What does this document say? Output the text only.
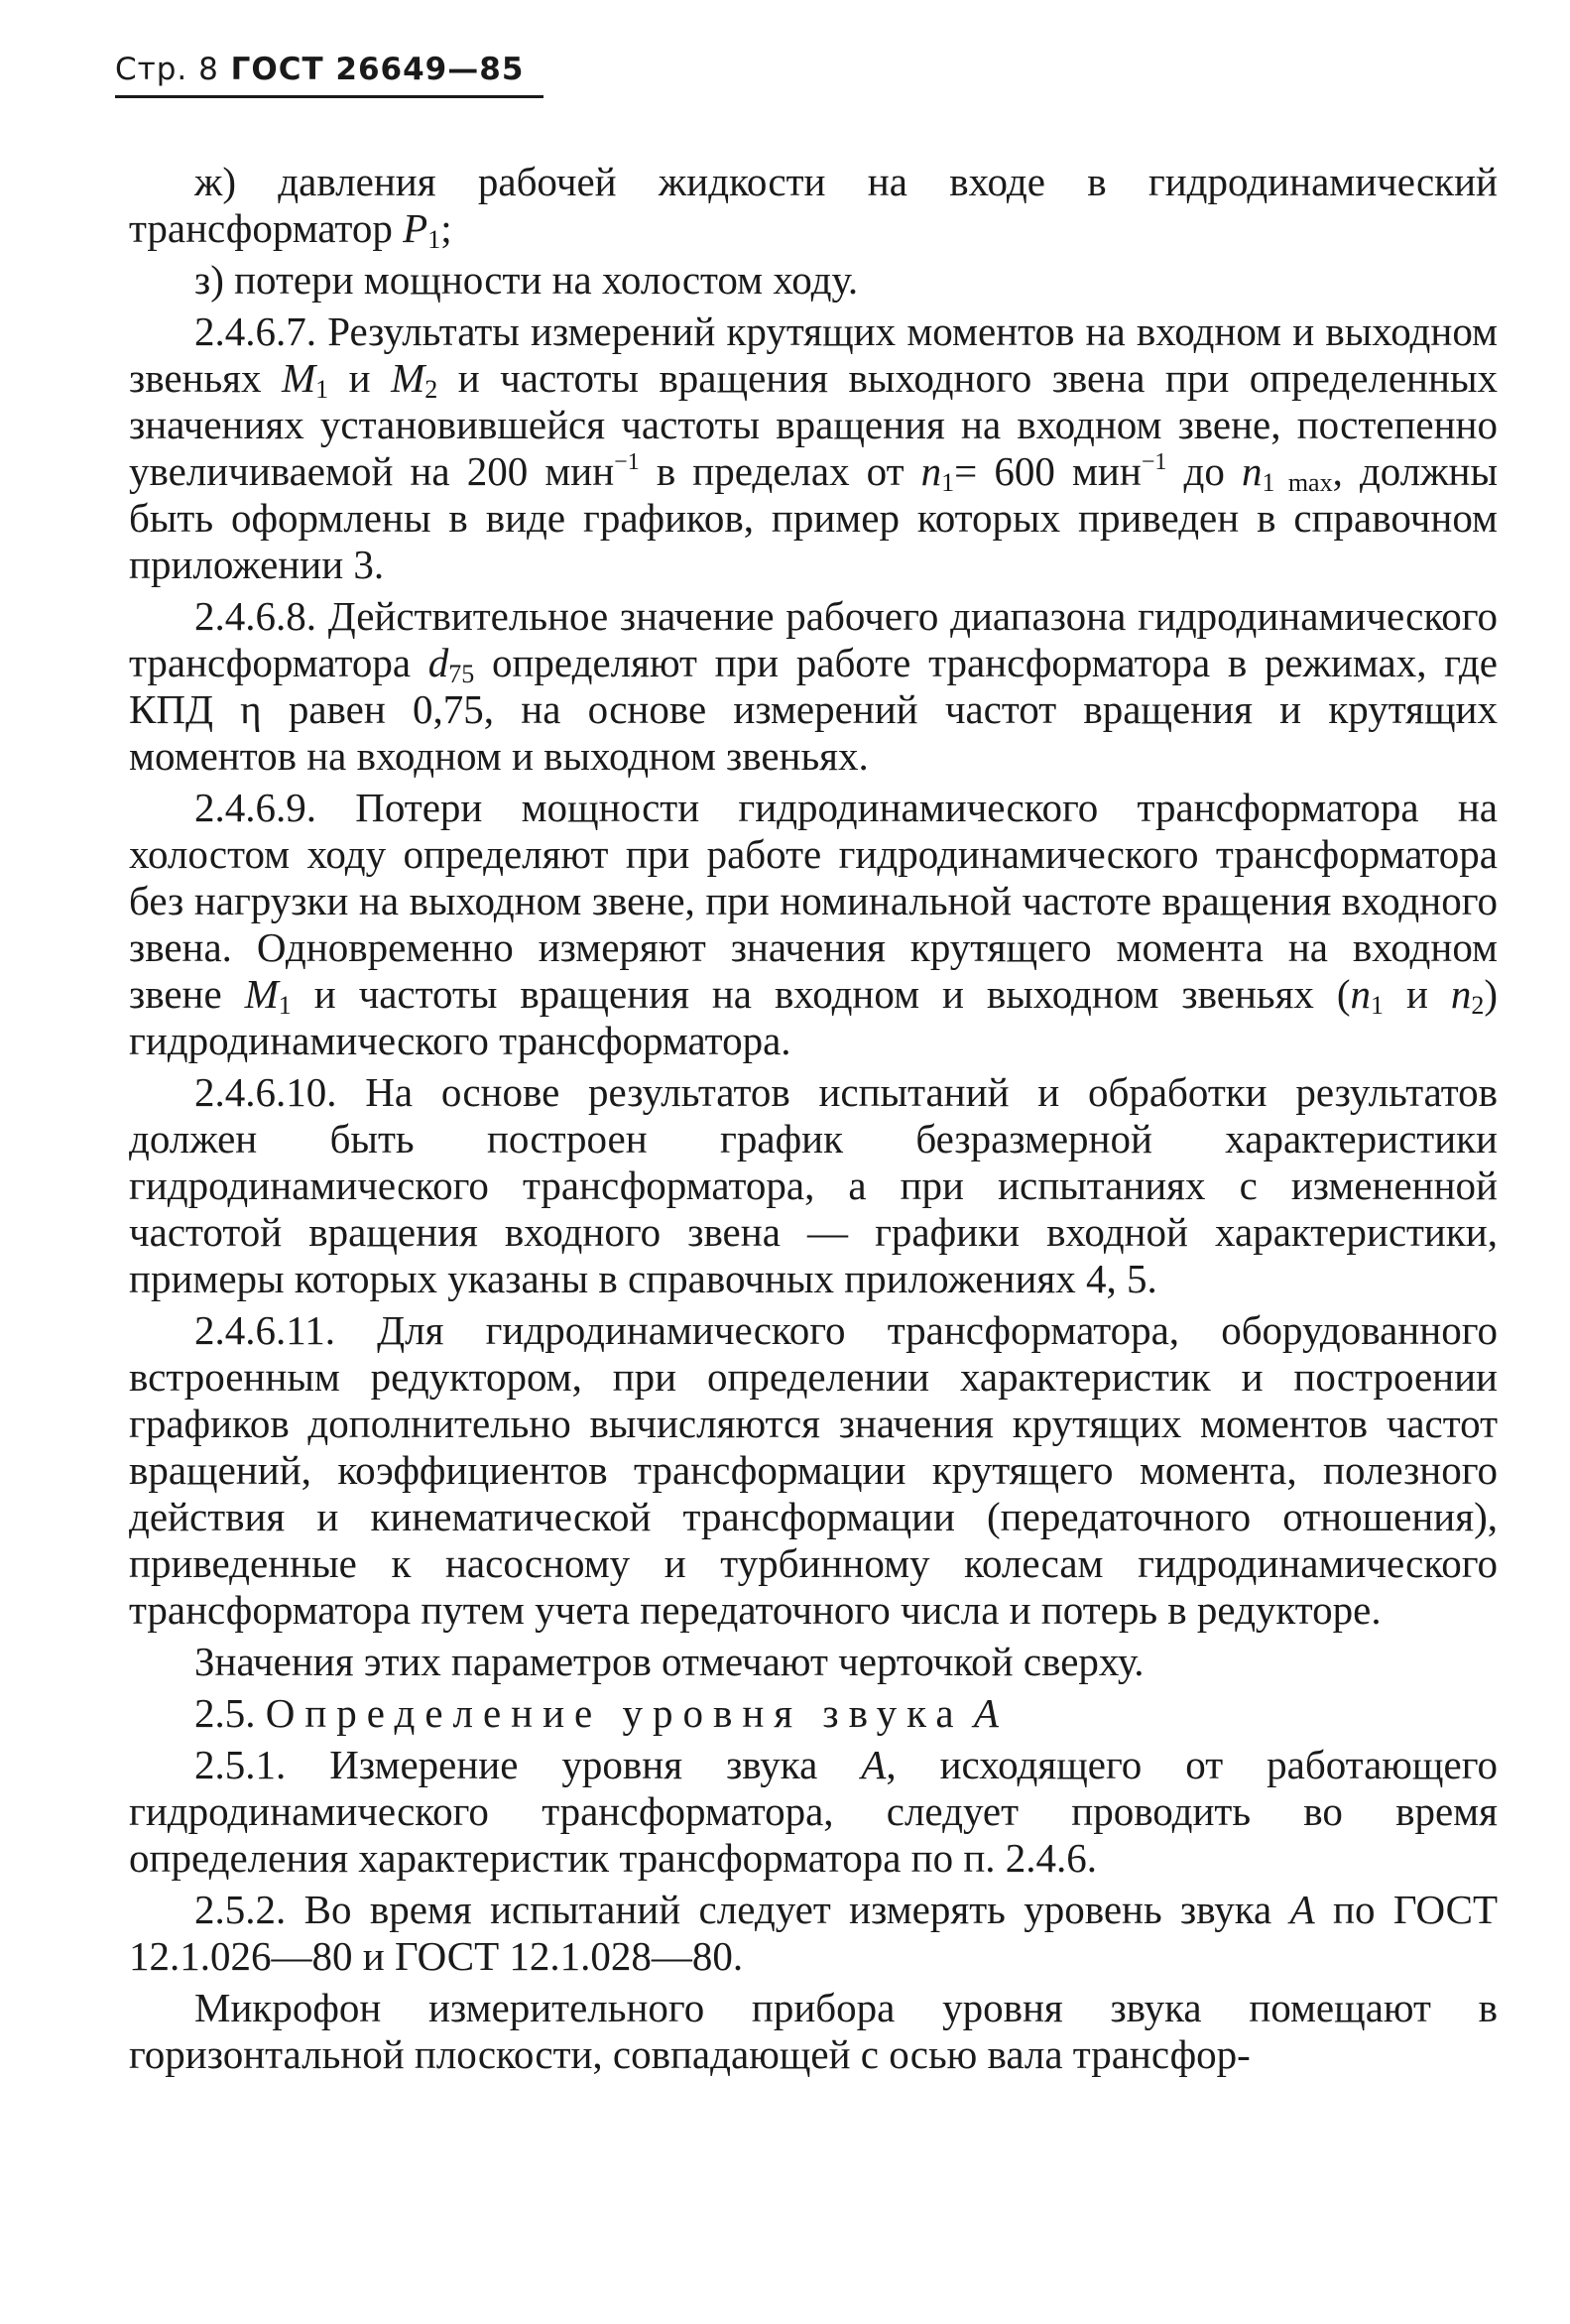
Стр. 8 ГОСТ 26649—85

ж) давления рабочей жидкости на входе в гидродинамический трансформатор $P_1$;

з) потери мощности на холостом ходу.

2.4.6.7. Результаты измерений крутящих моментов на входном и выходном звеньях $M_1$ и $M_2$ и частоты вращения выходного звена при определенных значениях установившейся частоты вращения на входном звене, постепенно увеличиваемой на 200 мин$^{-1}$ в пределах от $n_1= 600$ мин$^{-1}$ до $n_{1 max}$, должны быть оформлены в виде графиков, пример которых приведен в справочном приложении 3.

2.4.6.8. Действительное значение рабочего диапазона гидродинамического трансформатора $d_{75}$ определяют при работе трансформатора в режимах, где КПД η равен 0,75, на основе измерений частот вращения и крутящих моментов на входном и выходном звеньях.

2.4.6.9. Потери мощности гидродинамического трансформатора на холостом ходу определяют при работе гидродинамического трансформатора без нагрузки на выходном звене, при номинальной частоте вращения входного звена. Одновременно измеряют значения крутящего момента на входном звене $M_1$ и частоты вращения на входном и выходном звеньях ($n_1$ и $n_2$) гидродинамического трансформатора.

2.4.6.10. На основе результатов испытаний и обработки результатов должен быть построен график безразмерной характеристики гидродинамического трансформатора, а при испытаниях с измененной частотой вращения входного звена — графики входной характеристики, примеры которых указаны в справочных приложениях 4, 5.

2.4.6.11. Для гидродинамического трансформатора, оборудованного встроенным редуктором, при определении характеристик и построении графиков дополнительно вычисляются значения крутящих моментов частот вращений, коэффициентов трансформации крутящего момента, полезного действия и кинематической трансформации (передаточного отношения), приведенные к насосному и турбинному колесам гидродинамического трансформатора путем учета передаточного числа и потерь в редукторе.

Значения этих параметров отмечают черточкой сверху.

2.5. Определение уровня звука A

2.5.1. Измерение уровня звука A, исходящего от работающего гидродинамического трансформатора, следует проводить во время определения характеристик трансформатора по п. 2.4.6.

2.5.2. Во время испытаний следует измерять уровень звука A по ГОСТ 12.1.026—80 и ГОСТ 12.1.028—80.

Микрофон измерительного прибора уровня звука помещают в горизонтальной плоскости, совпадающей с осью вала трансфор-
